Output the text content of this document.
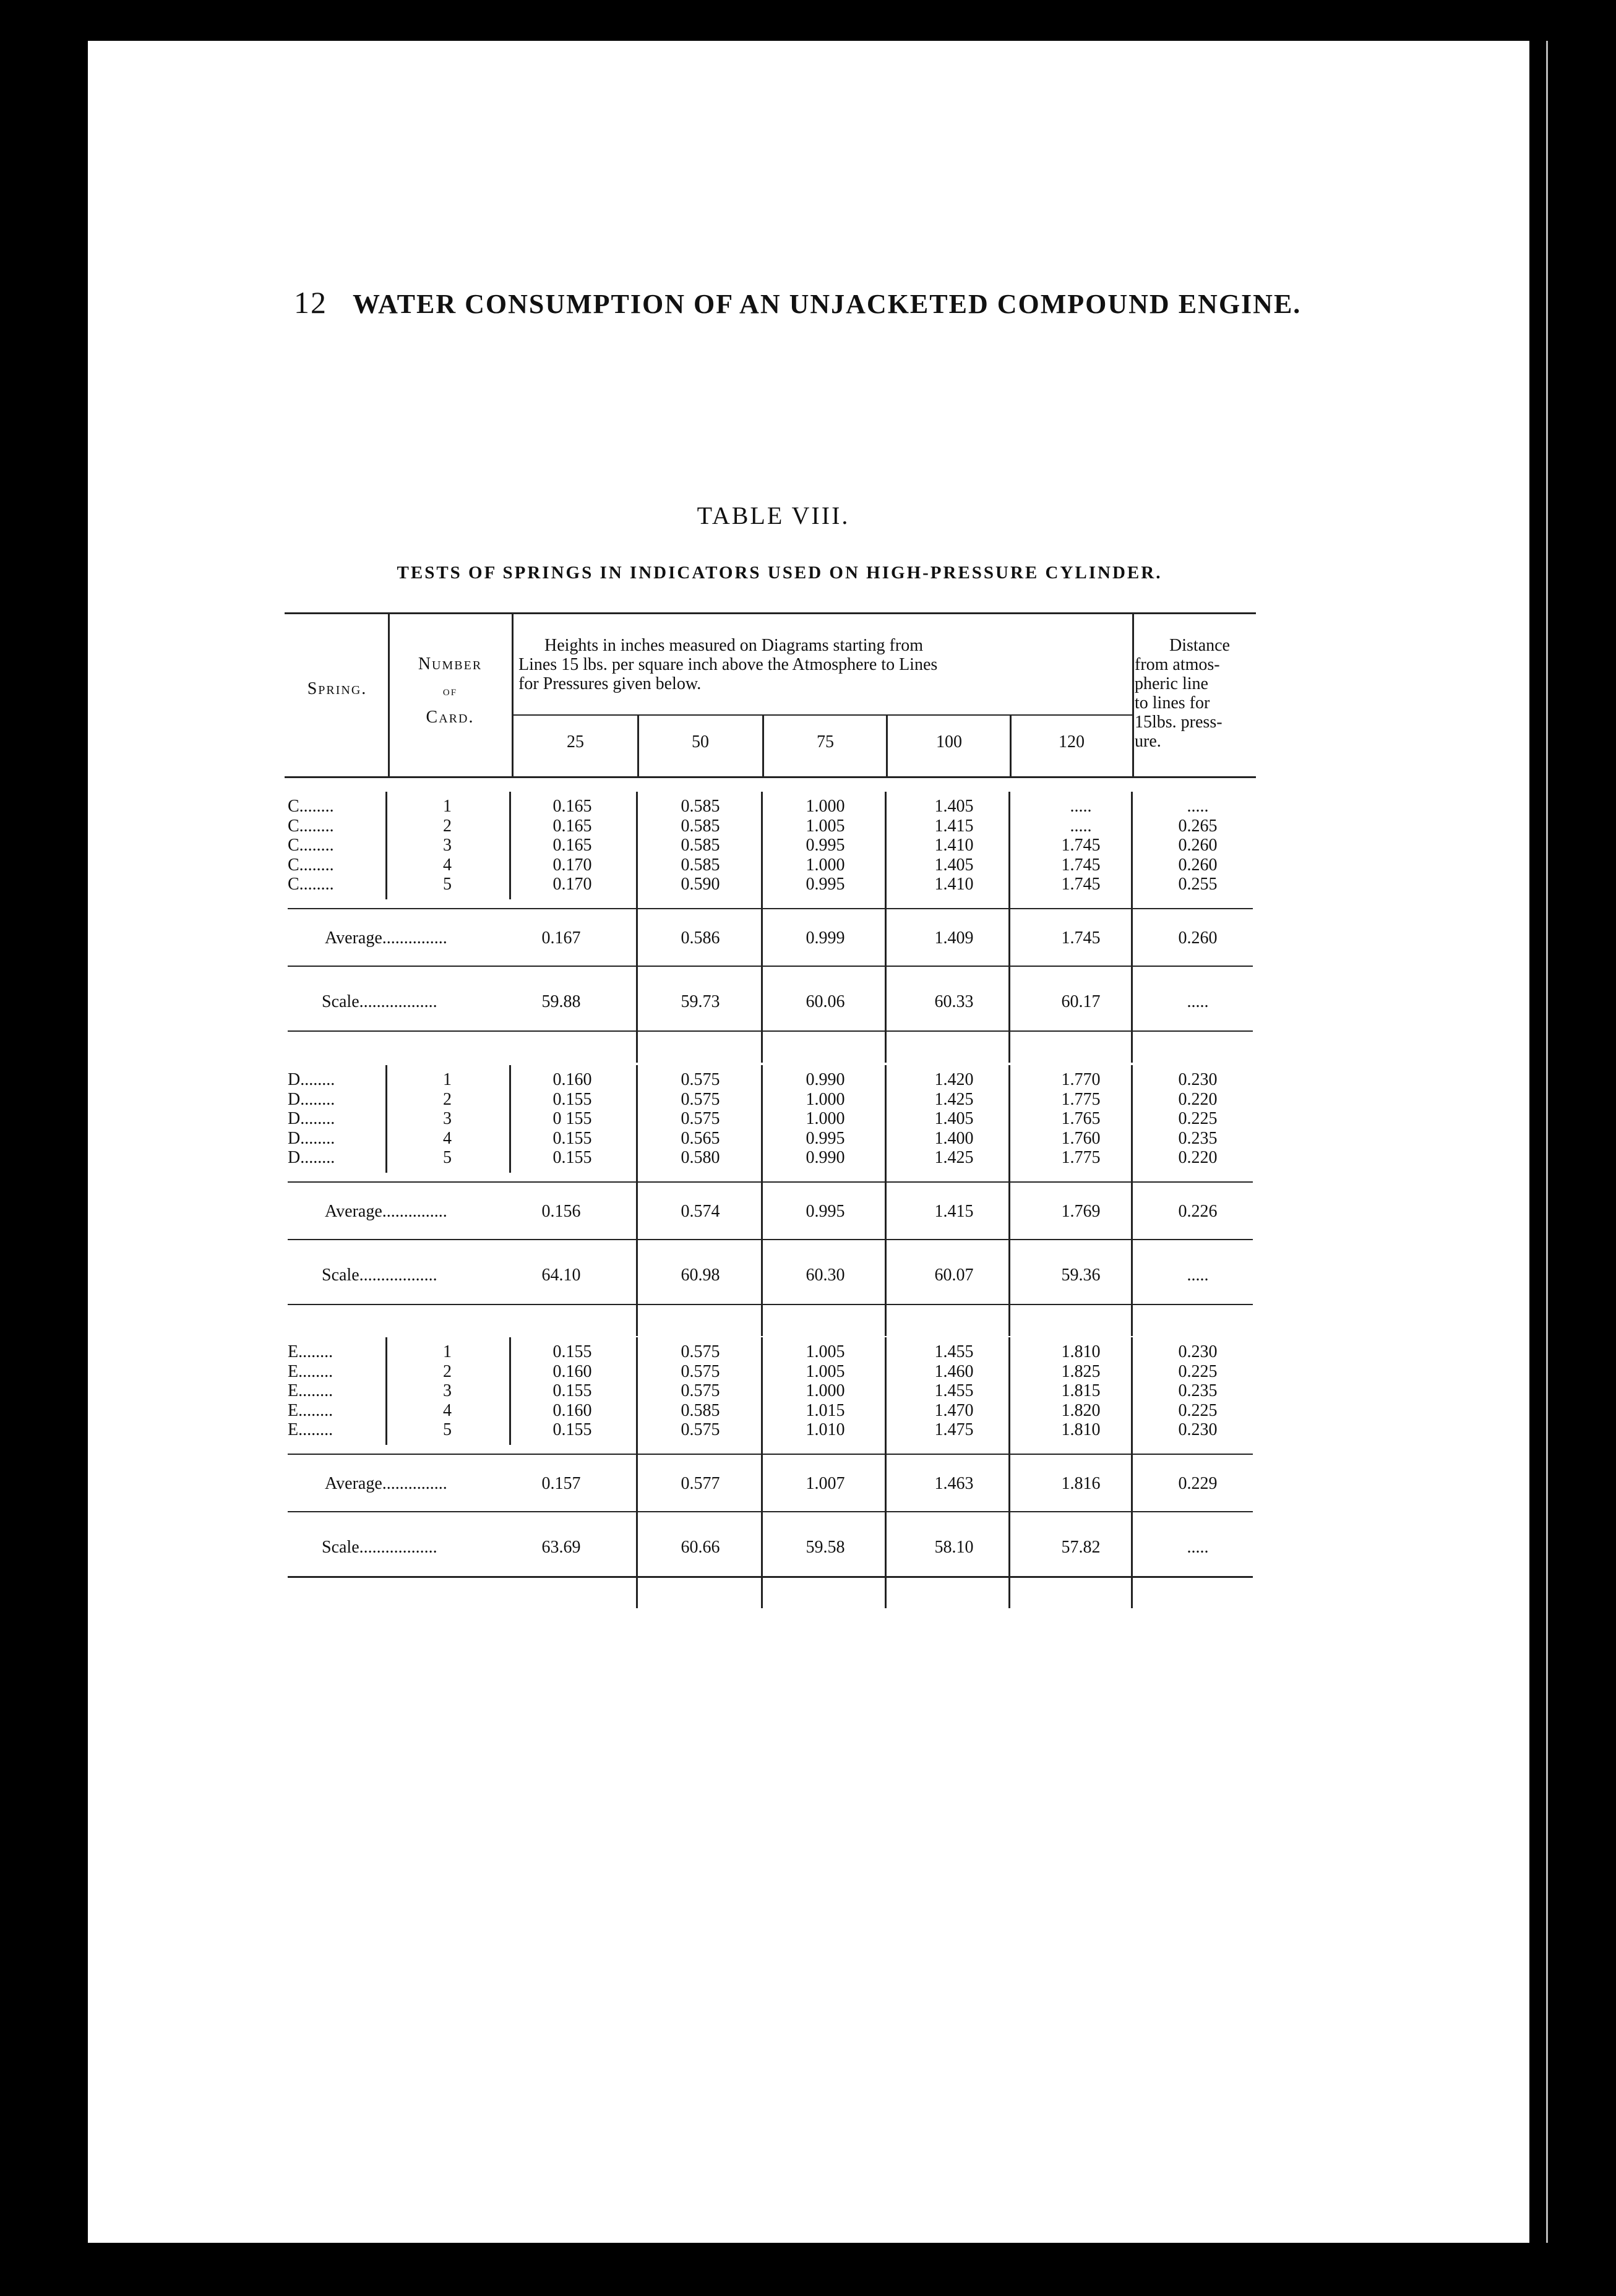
12 WATER CONSUMPTION OF AN UNJACKETED COMPOUND ENGINE.
TABLE VIII.
TESTS OF SPRINGS IN INDICATORS USED ON HIGH-PRESSURE CYLINDER.
Spring.
Number
of
Card.
Heights in inches measured on Diagrams starting from
Lines 15 lbs. per square inch above the Atmosphere to Lines
for Pressures given below.
25	50	75	100	120
Distance
from atmos-
pheric line
to lines for
15lbs. press-
ure.
C........	1	0.165	0.585	1.000	1.405	.....	.....
C........	2	0.165	0.585	1.005	1.415	.....	0.265
C........	3	0.165	0.585	0.995	1.410	1.745	0.260
C........	4	0.170	0.585	1.000	1.405	1.745	0.260
C........	5	0.170	0.590	0.995	1.410	1.745	0.255
Average...............	0.167	0.586	0.999	1.409	1.745	0.260
Scale..................	59.88	59.73	60.06	60.33	60.17	.....
D........	1	0.160	0.575	0.990	1.420	1.770	0.230
D........	2	0.155	0.575	1.000	1.425	1.775	0.220
D........	3	0 155	0.575	1.000	1.405	1.765	0.225
D........	4	0.155	0.565	0.995	1.400	1.760	0.235
D........	5	0.155	0.580	0.990	1.425	1.775	0.220
Average...............	0.156	0.574	0.995	1.415	1.769	0.226
Scale..................	64.10	60.98	60.30	60.07	59.36	.....
E........	1	0.155	0.575	1.005	1.455	1.810	0.230
E........	2	0.160	0.575	1.005	1.460	1.825	0.225
E........	3	0.155	0.575	1.000	1.455	1.815	0.235
E........	4	0.160	0.585	1.015	1.470	1.820	0.225
E........	5	0.155	0.575	1.010	1.475	1.810	0.230
Average...............	0.157	0.577	1.007	1.463	1.816	0.229
Scale..................	63.69	60.66	59.58	58.10	57.82	.....
